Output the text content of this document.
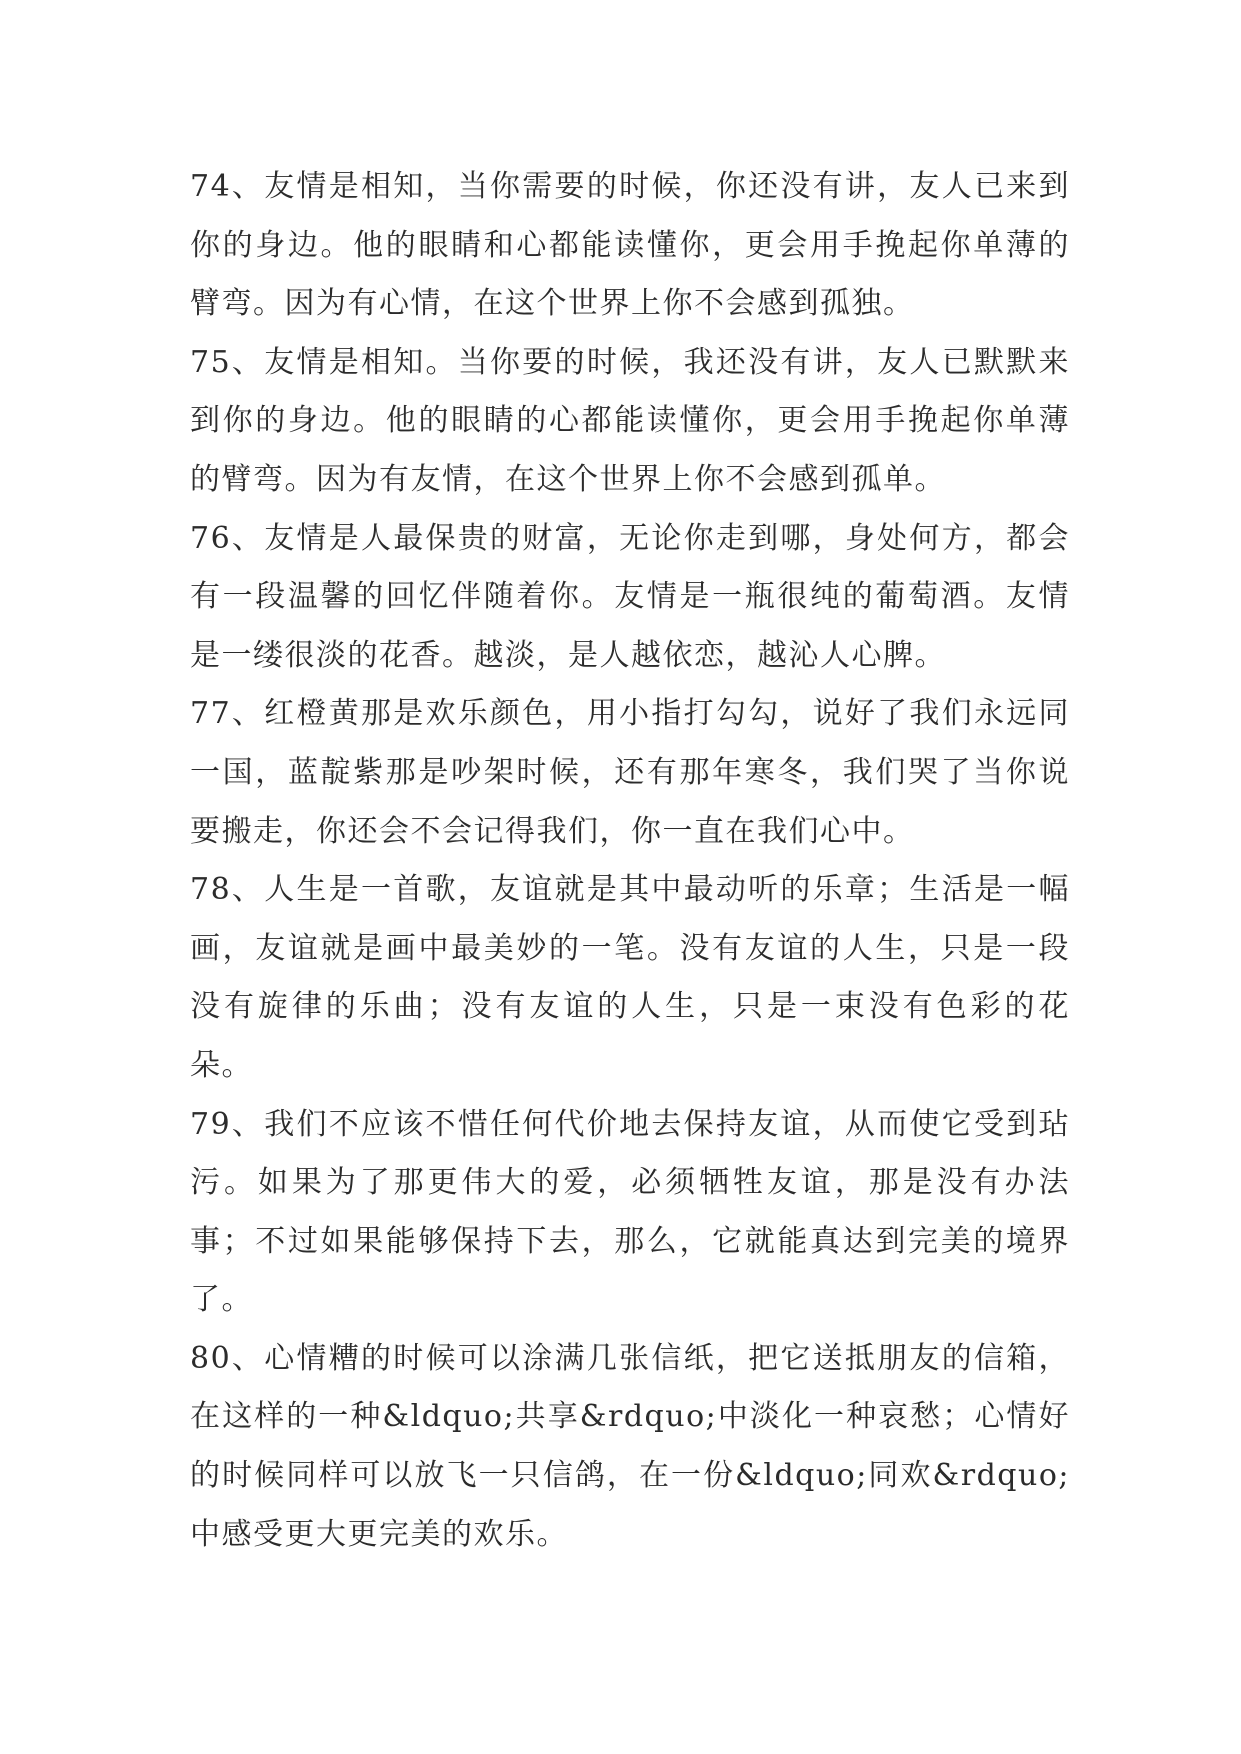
74、友情是相知，当你需要的时候，你还没有讲，友人已来到你的身边。他的眼睛和心都能读懂你，更会用手挽起你单薄的臂弯。因为有心情，在这个世界上你不会感到孤独。

75、友情是相知。当你要的时候，我还没有讲，友人已默默来到你的身边。他的眼睛的心都能读懂你，更会用手挽起你单薄的臂弯。因为有友情，在这个世界上你不会感到孤单。

76、友情是人最保贵的财富，无论你走到哪，身处何方，都会有一段温馨的回忆伴随着你。友情是一瓶很纯的葡萄酒。友情是一缕很淡的花香。越淡，是人越依恋，越沁人心脾。

77、红橙黄那是欢乐颜色，用小指打勾勾，说好了我们永远同一国，蓝靛紫那是吵架时候，还有那年寒冬，我们哭了当你说要搬走，你还会不会记得我们，你一直在我们心中。

78、人生是一首歌，友谊就是其中最动听的乐章；生活是一幅画，友谊就是画中最美妙的一笔。没有友谊的人生，只是一段没有旋律的乐曲；没有友谊的人生，只是一束没有色彩的花朵。

79、我们不应该不惜任何代价地去保持友谊，从而使它受到玷污。如果为了那更伟大的爱，必须牺牲友谊，那是没有办法事；不过如果能够保持下去，那么，它就能真达到完美的境界了。

80、心情糟的时候可以涂满几张信纸，把它送抵朋友的信箱，在这样的一种&ldquo;共享&rdquo;中淡化一种哀愁；心情好的时候同样可以放飞一只信鸽，在一份&ldquo;同欢&rdquo;中感受更大更完美的欢乐。
